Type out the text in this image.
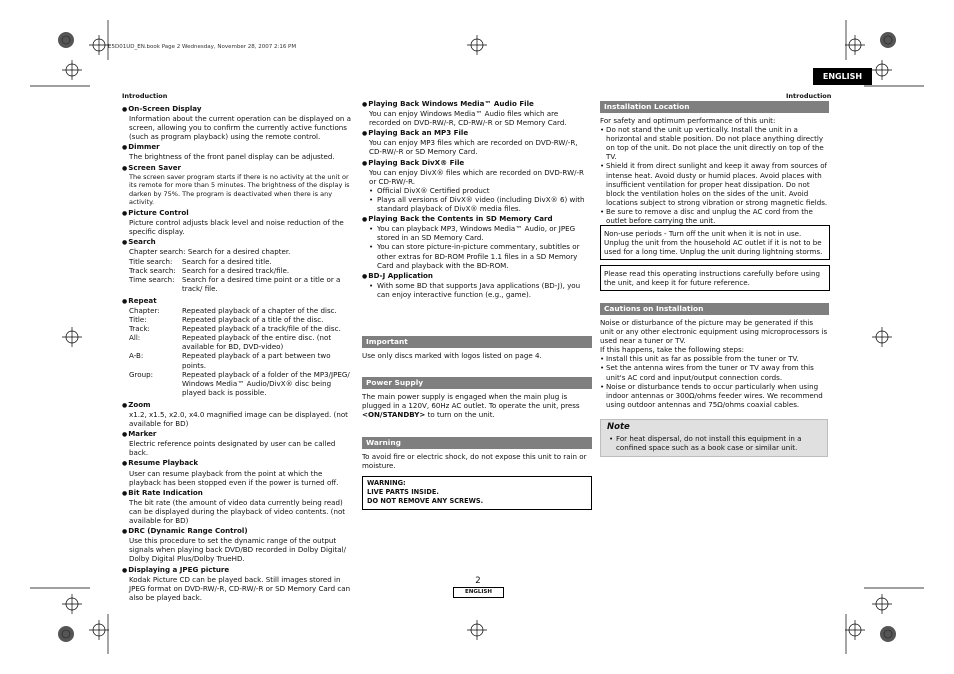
E5D01UD_EN.book Page 2 Wednesday, November 28, 2007 2:16 PM
ENGLISH
Introduction	Introduction
● On-Screen Display
Information about the current operation can be displayed on a screen, allowing you to confirm the currently active functions (such as program playback) using the remote control.
● Dimmer
The brightness of the front panel display can be adjusted.
● Screen Saver
The screen saver program starts if there is no activity at the unit or its remote for more than 5 minutes. The brightness of the display is darken by 75%. The program is deactivated when there is any activity.
● Picture Control
Picture control adjusts black level and noise reduction of the specific display.
● Search
Chapter search: Search for a desired chapter.
Title search:	Search for a desired title.
Track search: Search for a desired track/file.
Time search:	Search for a desired time point or a title or a track/ file.
● Repeat
Chapter:	Repeated playback of a chapter of the disc.
Title:	Repeated playback of a title of the disc.
Track:	Repeated playback of a track/file of the disc.
All:	Repeated playback of the entire disc. (not available for BD, DVD-video)
A-B:	Repeated playback of a part between two points.
Group:	Repeated playback of a folder of the MP3/JPEG/ Windows Media™ Audio/DivX® disc being played back is possible.
● Zoom
x1.2, x1.5, x2.0, x4.0 magnified image can be displayed. (not available for BD)
● Marker
Electric reference points designated by user can be called back.
● Resume Playback
User can resume playback from the point at which the playback has been stopped even if the power is turned off.
● Bit Rate Indication
The bit rate (the amount of video data currently being read) can be displayed during the playback of video contents. (not available for BD)
● DRC (Dynamic Range Control)
Use this procedure to set the dynamic range of the output signals when playing back DVD/BD recorded in Dolby Digital/ Dolby Digital Plus/Dolby TrueHD.
● Displaying a JPEG picture
Kodak Picture CD can be played back. Still images stored in JPEG format on DVD-RW/-R, CD-RW/-R or SD Memory Card can also be played back.
● Playing Back Windows Media™ Audio File
You can enjoy Windows Media™ Audio files which are recorded on DVD-RW/-R, CD-RW/-R or SD Memory Card.
● Playing Back an MP3 File
You can enjoy MP3 files which are recorded on DVD-RW/-R, CD-RW/-R or SD Memory Card.
● Playing Back DivX® File
You can enjoy DivX® files which are recorded on DVD-RW/-R or CD-RW/-R.
• Official DivX® Certified product
• Plays all versions of DivX® video (including DivX® 6) with standard playback of DivX® media files.
● Playing Back the Contents in SD Memory Card
• You can playback MP3, Windows Media™ Audio, or JPEG stored in an SD Memory Card.
• You can store picture-in-picture commentary, subtitles or other extras for BD-ROM Profile 1.1 files in a SD Memory Card and playback with the BD-ROM.
● BD-J Application
• With some BD that supports Java applications (BD-J), you can enjoy interactive function (e.g., game).
Important
Use only discs marked with logos listed on page 4.
Power Supply
The main power supply is engaged when the main plug is plugged in a 120V, 60Hz AC outlet. To operate the unit, press <ON/STANDBY> to turn on the unit.
Warning
To avoid fire or electric shock, do not expose this unit to rain or moisture.
WARNING:
LIVE PARTS INSIDE.
DO NOT REMOVE ANY SCREWS.
Installation Location
For safety and optimum performance of this unit:
• Do not stand the unit up vertically. Install the unit in a horizontal and stable position. Do not place anything directly on top of the unit. Do not place the unit directly on top of the TV.
• Shield it from direct sunlight and keep it away from sources of intense heat. Avoid dusty or humid places. Avoid places with insufficient ventilation for proper heat dissipation. Do not block the ventilation holes on the sides of the unit. Avoid locations subject to strong vibration or strong magnetic fields.
• Be sure to remove a disc and unplug the AC cord from the outlet before carrying the unit.
Non-use periods - Turn off the unit when it is not in use. Unplug the unit from the household AC outlet if it is not to be used for a long time. Unplug the unit during lightning storms.
Please read this operating instructions carefully before using the unit, and keep it for future reference.
Cautions on Installation
Noise or disturbance of the picture may be generated if this unit or any other electronic equipment using microprocessors is used near a tuner or TV.
If this happens, take the following steps:
• Install this unit as far as possible from the tuner or TV.
• Set the antenna wires from the tuner or TV away from this unit's AC cord and input/output connection cords.
• Noise or disturbance tends to occur particularly when using indoor antennas or 300Ω/ohms feeder wires. We recommend using outdoor antennas and 75Ω/ohms coaxial cables.
Note
• For heat dispersal, do not install this equipment in a confined space such as a book case or similar unit.
2
ENGLISH
